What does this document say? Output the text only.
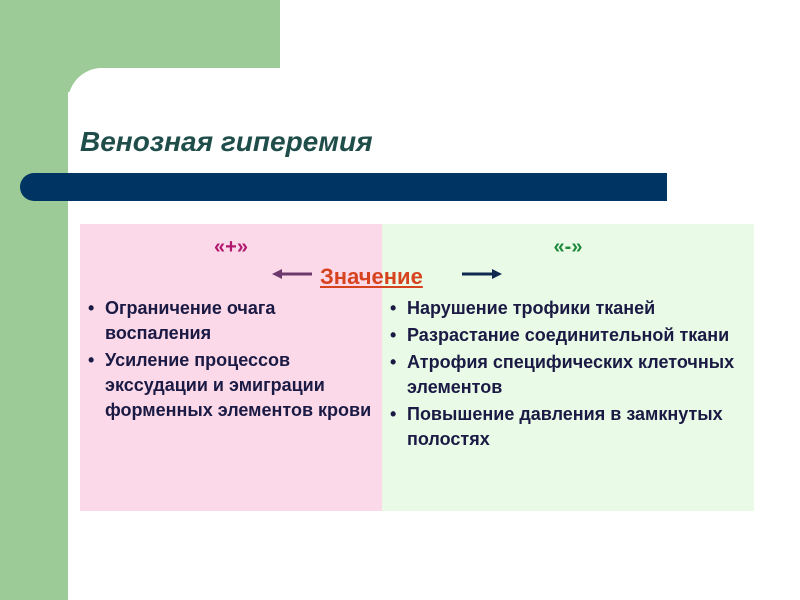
Венозная гиперемия
«+»	«-»
Значение
• Ограничение очага воспаления
• Усиление процессов экссудации и эмиграции форменных элементов крови
• Нарушение трофики тканей
• Разрастание соединительной ткани
• Атрофия специфических клеточных элементов
• Повышение давления в замкнутых полостях
